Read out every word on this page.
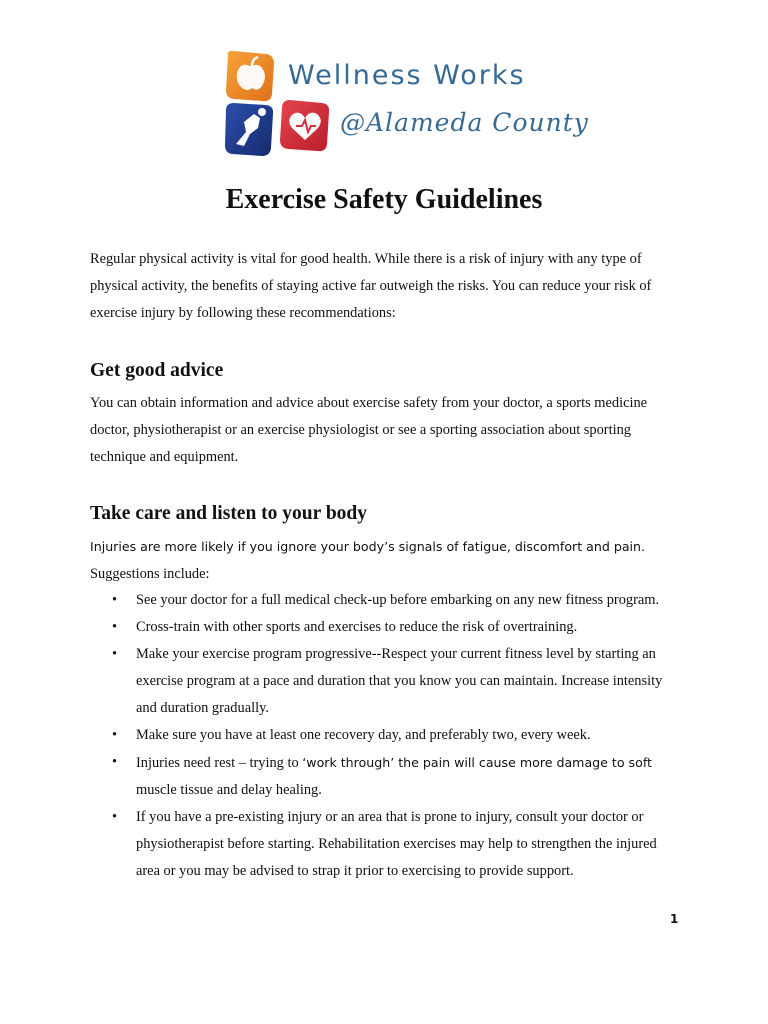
Wellness Works
@Alameda County
Exercise Safety Guidelines

Regular physical activity is vital for good health. While there is a risk of injury with any type of physical activity, the benefits of staying active far outweigh the risks. You can reduce your risk of exercise injury by following these recommendations:

Get good advice

You can obtain information and advice about exercise safety from your doctor, a sports medicine doctor, physiotherapist or an exercise physiologist or see a sporting association about sporting technique and equipment.

Take care and listen to your body

Injuries are more likely if you ignore your body’s signals of fatigue, discomfort and pain.
Suggestions include:

• See your doctor for a full medical check-up before embarking on any new fitness program.
• Cross-train with other sports and exercises to reduce the risk of overtraining.
• Make your exercise program progressive--Respect your current fitness level by starting an exercise program at a pace and duration that you know you can maintain. Increase intensity and duration gradually.
• Make sure you have at least one recovery day, and preferably two, every week.
• Injuries need rest – trying to ‘work through’ the pain will cause more damage to soft muscle tissue and delay healing.
• If you have a pre-existing injury or an area that is prone to injury, consult your doctor or physiotherapist before starting. Rehabilitation exercises may help to strengthen the injured area or you may be advised to strap it prior to exercising to provide support.
1
